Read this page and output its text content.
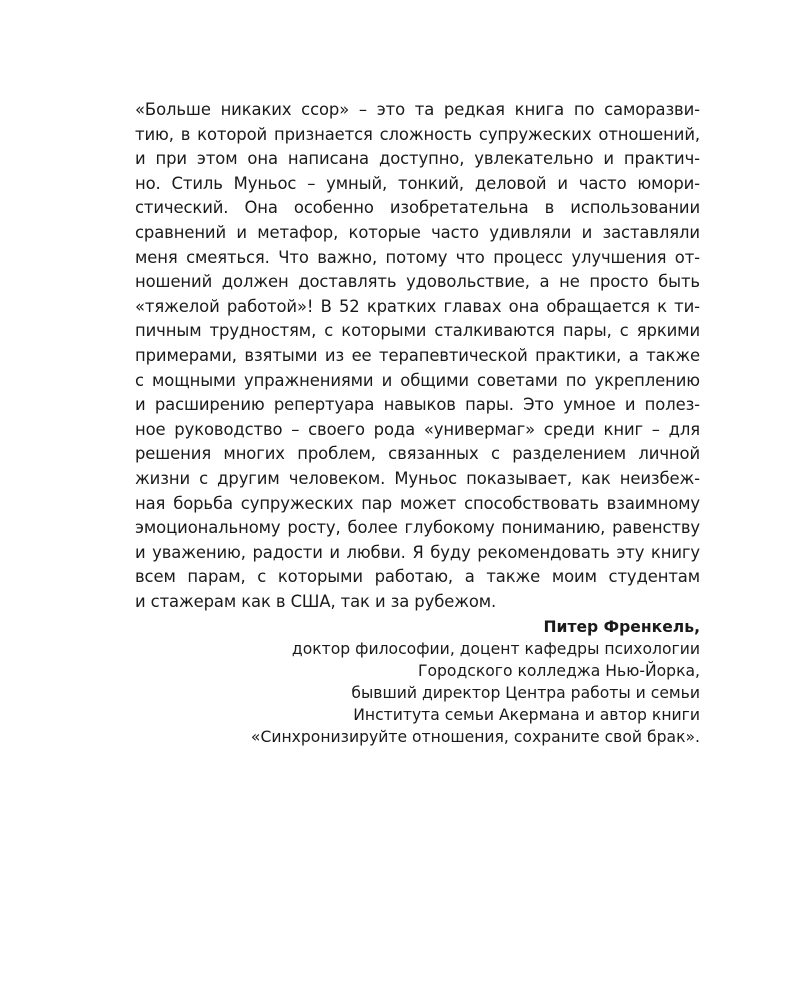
«Больше никаких ссор» – это та редкая книга по саморазви-
тию, в которой признается сложность супружеских отношений,
и при этом она написана доступно, увлекательно и практич-
но. Стиль Муньос – умный, тонкий, деловой и часто юмори-
стический. Она особенно изобретательна в использовании
сравнений и метафор, которые часто удивляли и заставляли
меня смеяться. Что важно, потому что процесс улучшения от-
ношений должен доставлять удовольствие, а не просто быть
«тяжелой работой»! В 52 кратких главах она обращается к ти-
пичным трудностям, с которыми сталкиваются пары, с яркими
примерами, взятыми из ее терапевтической практики, а также
с мощными упражнениями и общими советами по укреплению
и расширению репертуара навыков пары. Это умное и полез-
ное руководство – своего рода «универмаг» среди книг – для
решения многих проблем, связанных с разделением личной
жизни с другим человеком. Муньос показывает, как неизбеж-
ная борьба супружеских пар может способствовать взаимному
эмоциональному росту, более глубокому пониманию, равенству
и уважению, радости и любви. Я буду рекомендовать эту книгу
всем парам, с которыми работаю, а также моим студентам
и стажерам как в США, так и за рубежом.
Питер Френкель,
доктор философии, доцент кафедры психологии
Городского колледжа Нью-Йорка,
бывший директор Центра работы и семьи
Института семьи Акермана и автор книги
«Синхронизируйте отношения, сохраните свой брак».
